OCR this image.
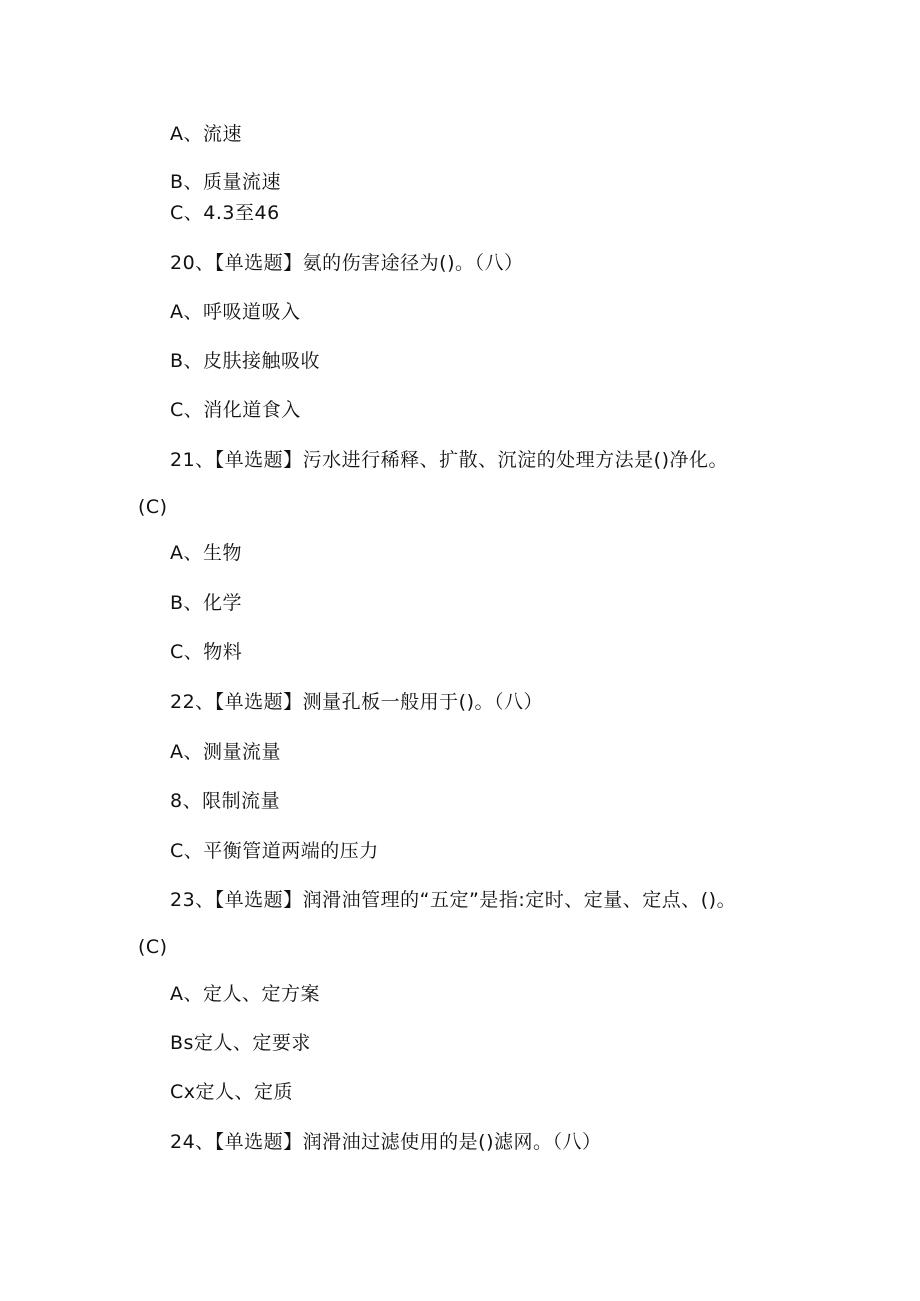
A、流速
B、质量流速
C、4.3至46
20、【单选题】氨的伤害途径为()。（八）
A、呼吸道吸入
B、皮肤接触吸收
C、消化道食入
21、【单选题】污水进行稀释、扩散、沉淀的处理方法是()净化。
(C)
A、生物
B、化学
C、物料
22、【单选题】测量孔板一般用于()。（八）
A、测量流量
8、限制流量
C、平衡管道两端的压力
23、【单选题】润滑油管理的“五定”是指:定时、定量、定点、()。
(C)
A、定人、定方案
Bs定人、定要求
Cx定人、定质
24、【单选题】润滑油过滤使用的是()滤网。（八）
